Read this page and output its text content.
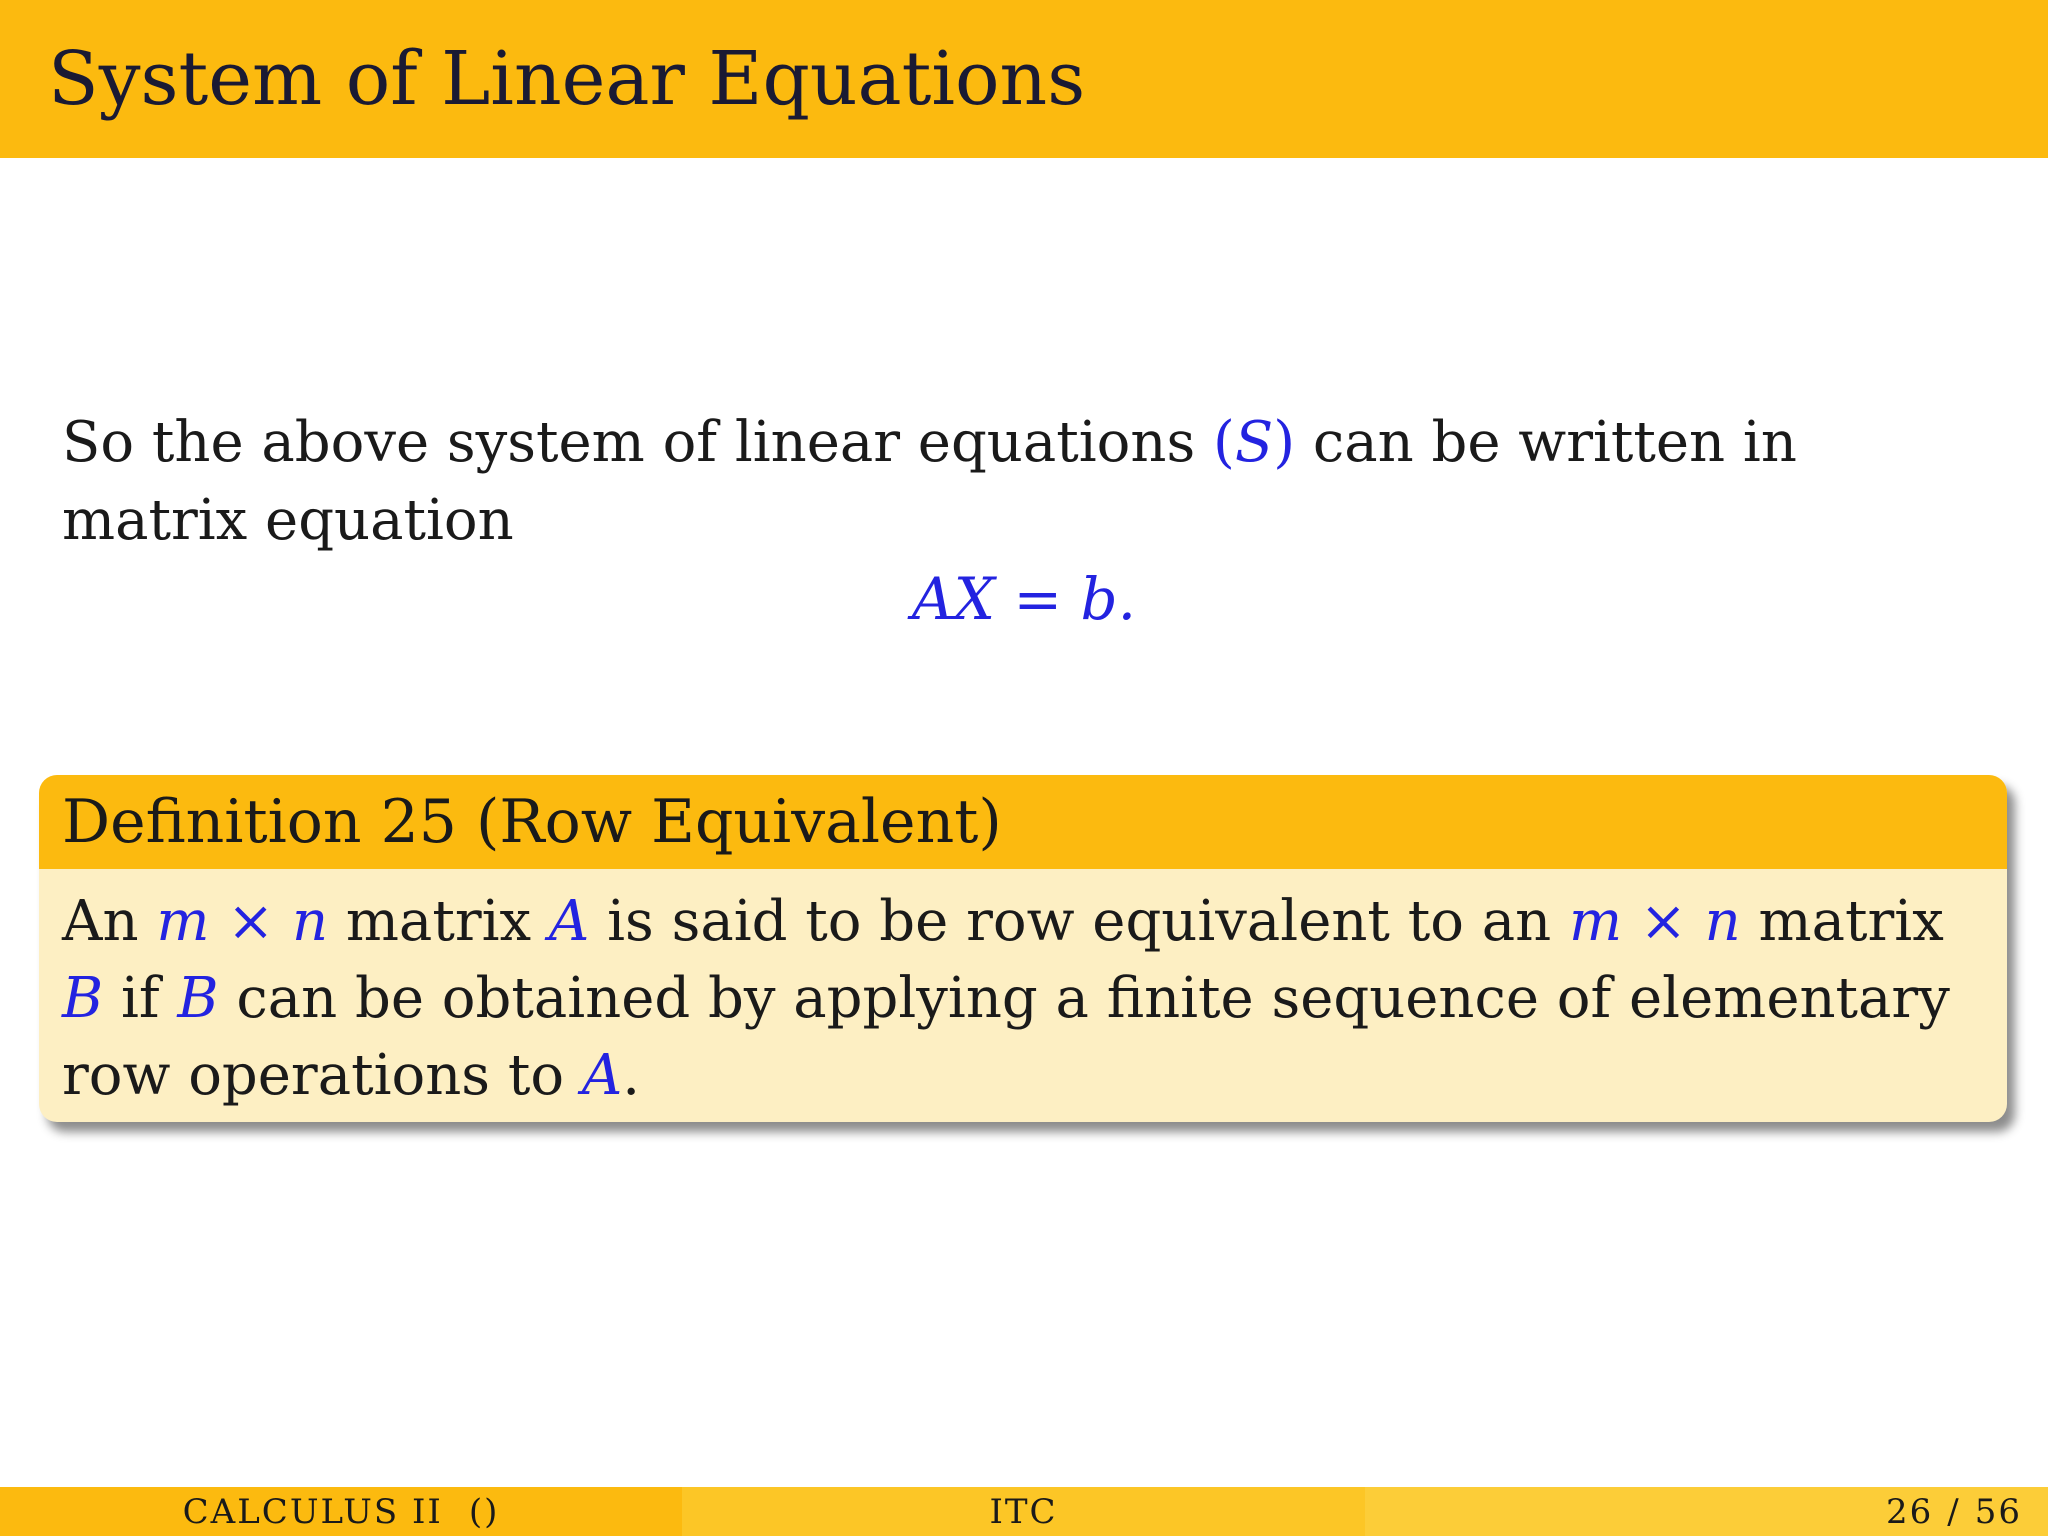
System of Linear Equations
So the above system of linear equations (S) can be written in matrix equation
AX = b.
Definition 25 (Row Equivalent)
An m × n matrix A is said to be row equivalent to an m × n matrix B if B can be obtained by applying a finite sequence of elementary row operations to A.
CALCULUS II ()	ITC	26 / 56
